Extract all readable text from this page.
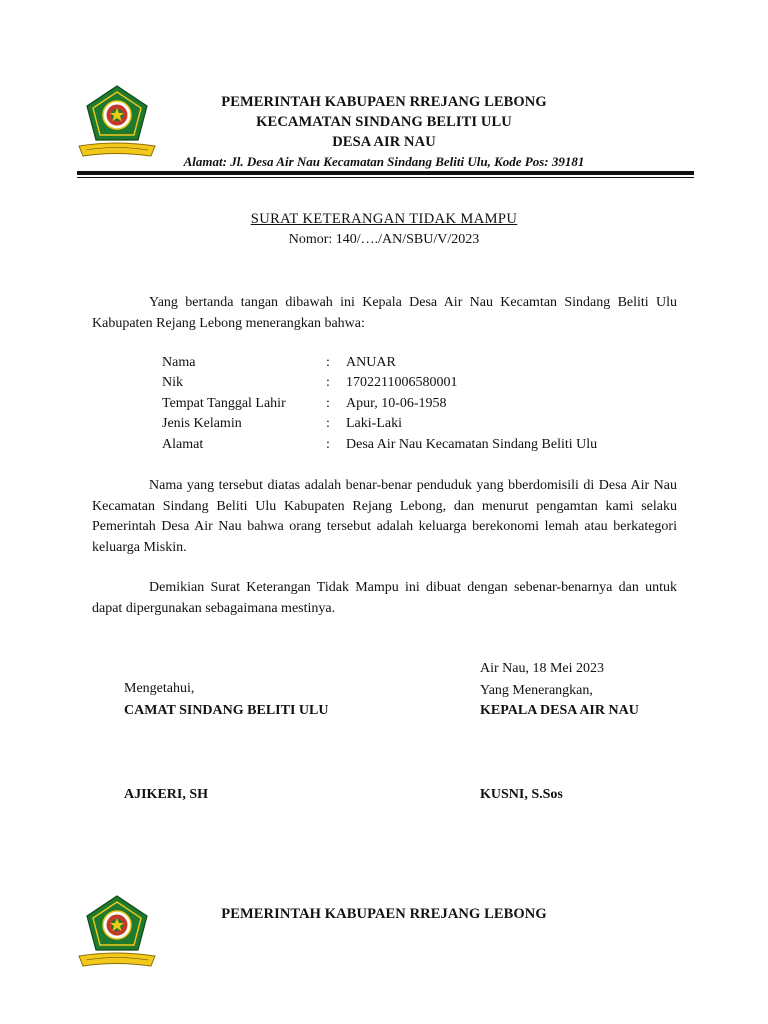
PEMERINTAH KABUPAEN RREJANG LEBONG
KECAMATAN SINDANG BELITI ULU
DESA AIR NAU
Alamat: Jl. Desa Air Nau Kecamatan Sindang Beliti Ulu, Kode Pos: 39181
SURAT KETERANGAN TIDAK MAMPU
Nomor: 140/…./AN/SBU/V/2023

Yang bertanda tangan dibawah ini Kepala Desa Air Nau Kecamtan Sindang Beliti Ulu Kabupaten Rejang Lebong menerangkan bahwa:

Nama	: ANUAR
Nik	: 1702211006580001
Tempat Tanggal Lahir	: Apur, 10-06-1958
Jenis Kelamin	: Laki-Laki
Alamat	: Desa Air Nau Kecamatan Sindang Beliti Ulu

Nama yang tersebut diatas adalah benar-benar penduduk yang bberdomisili di Desa Air Nau Kecamatan Sindang Beliti Ulu Kabupaten Rejang Lebong, dan menurut pengamtan kami selaku Pemerintah Desa Air Nau bahwa orang tersebut adalah keluarga berekonomi lemah atau berkategori keluarga Miskin.

Demikian Surat Keterangan Tidak Mampu ini dibuat dengan sebenar-benarnya dan untuk dapat dipergunakan sebagaimana mestinya.

Air Nau, 18 Mei 2023
Mengetahui,	Yang Menerangkan,
CAMAT SINDANG BELITI ULU	KEPALA DESA AIR NAU
AJIKERI, SH	KUSNI, S.Sos
PEMERINTAH KABUPAEN RREJANG LEBONG
